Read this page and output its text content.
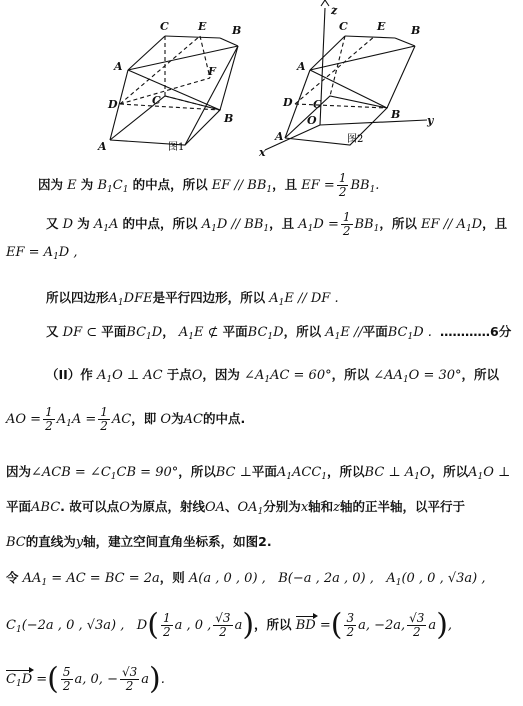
C	E B
A	F
D	C
B
A	图1
z
C	E B
A
D C
O
A
B y
x
图2
因为 E 为 $B_1C_1$ 的中点，所以 EF // $BB_1$，且 EF = $\frac{1}{2} BB_1$.
又 D 为 $A_1A$ 的中点，所以 $A_1D // BB_1$，且 $A_1D = \frac{1}{2} BB_1$，所以 EF // $A_1D$，且
EF = $A_1D$ ,
所以四边形$A_1DFE$是平行四边形，所以 $A_1E$ // DF .
又 DF ⊂ 平面$BC_1D$， $A_1E$ ⊄ 平面$BC_1D$，所以 $A_1E$ //平面$BC_1D$ . …………6分
（II）作 $A_1O$ ⊥ AC 于点O，因为 $\angle A_1AC = 60^\circ$，所以 $\angle AA_1O = 30^\circ$，所以
AO = $\frac{1}{2} A_1A = \frac{1}{2}$ AC，即 O为AC的中点.
因为∠ACB = $\angle C_1CB = 90^\circ$，所以BC ⊥平面$A_1ACC_1$，所以BC ⊥ $A_1O$，所以$A_1O$ ⊥
平面ABC. 故可以点O为原点，射线OA、$OA_1$分别为x轴和z轴的正半轴，以平行于
BC的直线为y轴，建立空间直角坐标系，如图2.
令 $AA_1$ = AC = BC = 2a，则 A(a , 0 , 0) , B(−a , 2a , 0) , $A_1(0$ , 0 , √3a) ,
$C_1(-2a$ , 0 , √3a) , $D( \frac{1}{2}$ a , 0 , $\frac{√3}{2} a$)，所以 BD =( $\frac{3}{2} a$, −2a, $\frac{√3}{2} a$),
$C_1D$ =( $\frac{5}{2} a$, 0, − $\frac{√3}{2} a$).
